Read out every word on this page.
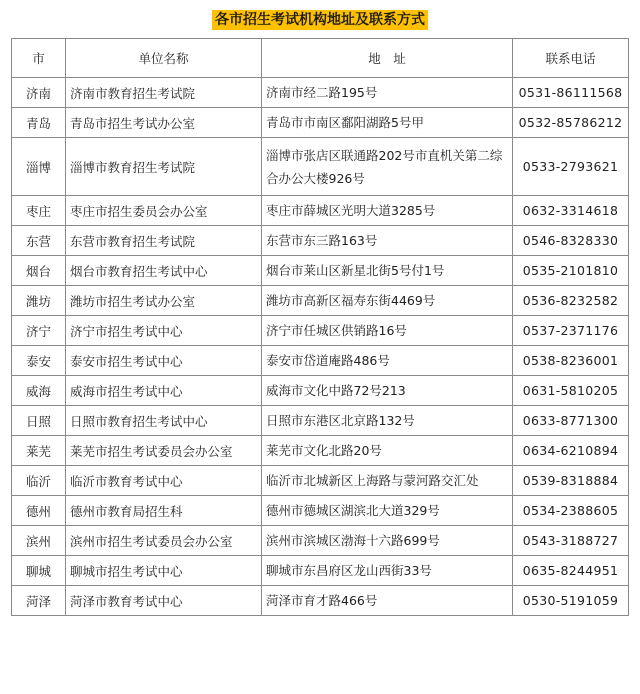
各市招生考试机构地址及联系方式
市	单位名称	地　址	联系电话
济南	济南市教育招生考试院	济南市经二路195号	0531-86111568
青岛	青岛市招生考试办公室	青岛市市南区鄱阳湖路5号甲	0532-85786212
淄博	淄博市教育招生考试院	淄博市张店区联通路202号市直机关第二综合办公大楼926号	0533-2793621
枣庄	枣庄市招生委员会办公室	枣庄市薛城区光明大道3285号	0632-3314618
东营	东营市教育招生考试院	东营市东三路163号	0546-8328330
烟台	烟台市教育招生考试中心	烟台市莱山区新星北街5号付1号	0535-2101810
潍坊	潍坊市招生考试办公室	潍坊市高新区福寿东街4469号	0536-8232582
济宁	济宁市招生考试中心	济宁市任城区供销路16号	0537-2371176
泰安	泰安市招生考试中心	泰安市岱道庵路486号	0538-8236001
威海	威海市招生考试中心	威海市文化中路72号213	0631-5810205
日照	日照市教育招生考试中心	日照市东港区北京路132号	0633-8771300
莱芜	莱芜市招生考试委员会办公室	莱芜市文化北路20号	0634-6210894
临沂	临沂市教育考试中心	临沂市北城新区上海路与蒙河路交汇处	0539-8318884
德州	德州市教育局招生科	德州市德城区湖滨北大道329号	0534-2388605
滨州	滨州市招生考试委员会办公室	滨州市滨城区渤海十六路699号	0543-3188727
聊城	聊城市招生考试中心	聊城市东昌府区龙山西街33号	0635-8244951
菏泽	菏泽市教育考试中心	菏泽市育才路466号	0530-5191059
